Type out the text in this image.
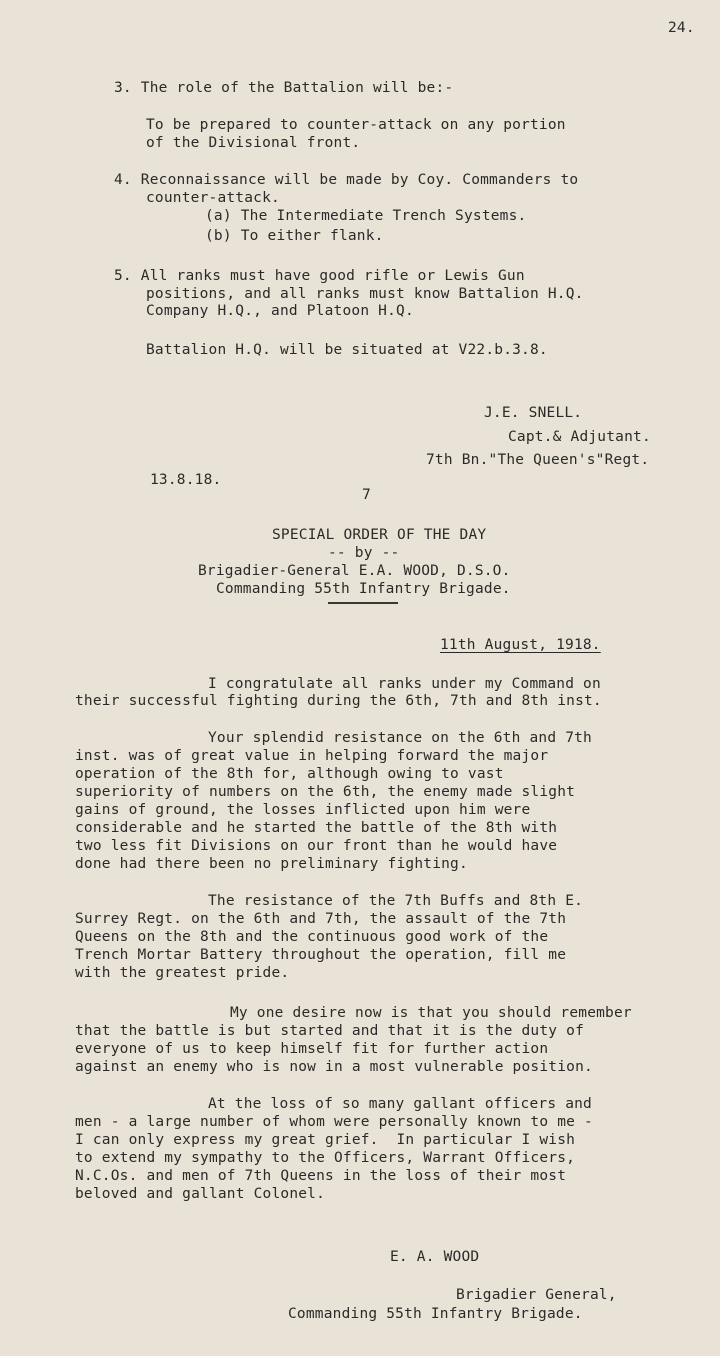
24.
3. The role of the Battalion will be:-
To be prepared to counter-attack on any portion
of the Divisional front.
4. Reconnaissance will be made by Coy. Commanders to
counter-attack.
(a) The Intermediate Trench Systems.
(b) To either flank.
5. All ranks must have good rifle or Lewis Gun
positions, and all ranks must know Battalion H.Q.
Company H.Q., and Platoon H.Q.
Battalion H.Q. will be situated at V22.b.3.8.
J.E. SNELL.
Capt.& Adjutant.
7th Bn."The Queen's"Regt.
13.8.18.
7
SPECIAL ORDER OF THE DAY
-- by --
Brigadier-General E.A. WOOD, D.S.O.
Commanding 55th Infantry Brigade.
11th August, 1918.
I congratulate all ranks under my Command on
their successful fighting during the 6th, 7th and 8th inst.
Your splendid resistance on the 6th and 7th
inst. was of great value in helping forward the major
operation of the 8th for, although owing to vast
superiority of numbers on the 6th, the enemy made slight
gains of ground, the losses inflicted upon him were
considerable and he started the battle of the 8th with
two less fit Divisions on our front than he would have
done had there been no preliminary fighting.
The resistance of the 7th Buffs and 8th E.
Surrey Regt. on the 6th and 7th, the assault of the 7th
Queens on the 8th and the continuous good work of the
Trench Mortar Battery throughout the operation, fill me
with the greatest pride.
My one desire now is that you should remember
that the battle is but started and that it is the duty of
everyone of us to keep himself fit for further action
against an enemy who is now in a most vulnerable position.
At the loss of so many gallant officers and
men - a large number of whom were personally known to me -
I can only express my great grief.  In particular I wish
to extend my sympathy to the Officers, Warrant Officers,
N.C.Os. and men of 7th Queens in the loss of their most
beloved and gallant Colonel.
E. A. WOOD
Brigadier General,
Commanding 55th Infantry Brigade.
